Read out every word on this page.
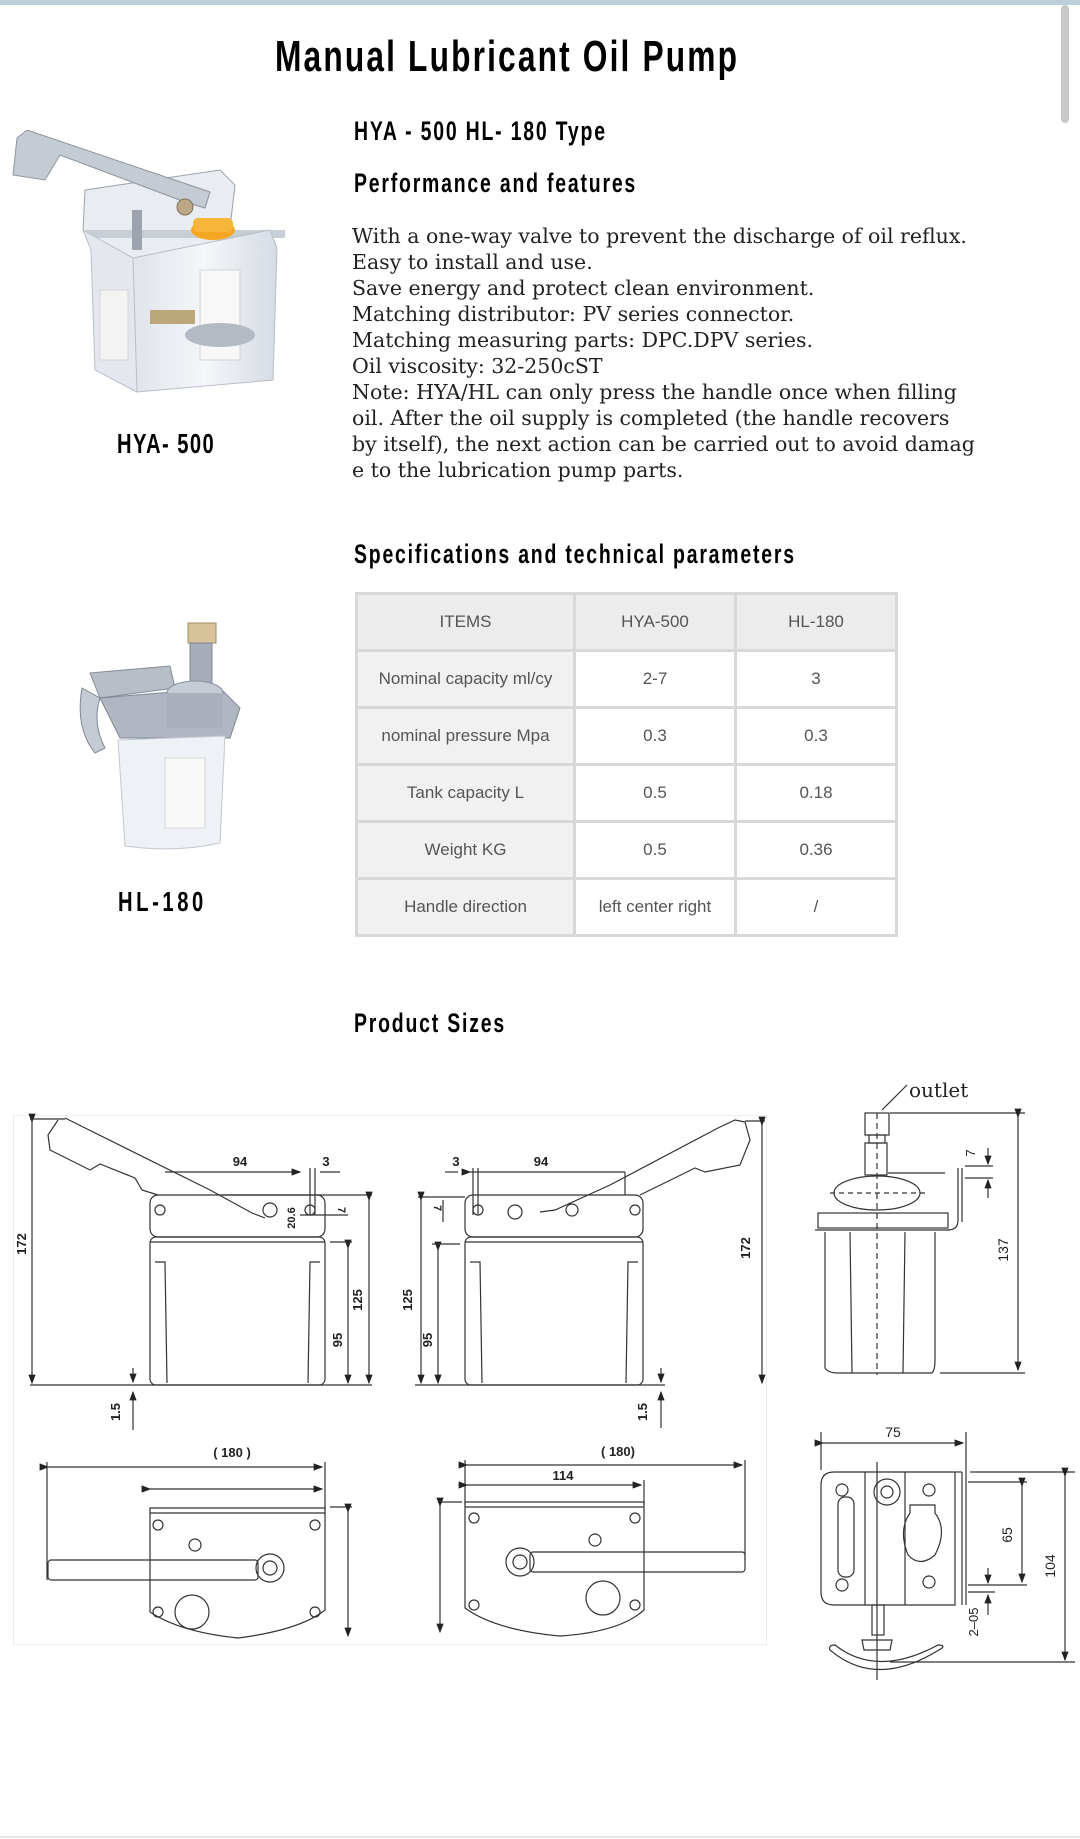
Manual Lubricant Oil Pump
HYA - 500 HL- 180 Type
Performance and features
HYA- 500
HL-180
With a one-way valve to prevent the discharge of oil reflux.
Easy to install and use.
Save energy and protect clean environment.
Matching distributor: PV series connector.
Matching measuring parts: DPC.DPV series.
Oil viscosity: 32-250cST
Note: HYA/HL can only press the handle once when filling
oil. After the oil supply is completed (the handle recovers
by itself), the next action can be carried out to avoid damag
e to the lubrication pump parts.
Specifications and technical parameters
ITEMS	HYA-500	HL-180
Nominal capacity ml/cy	2-7	3
nominal pressure Mpa	0.3	0.3
Tank capacity L	0.5	0.18
Weight KG	0.5	0.36
Handle direction	left center right	/
Product Sizes
172
94	3
20.6	7
125
95
1.5
3	94
7
125
95
172
1.5
( 180 )	( 180)
114
outlet
7
137
75
65
104
2–05
